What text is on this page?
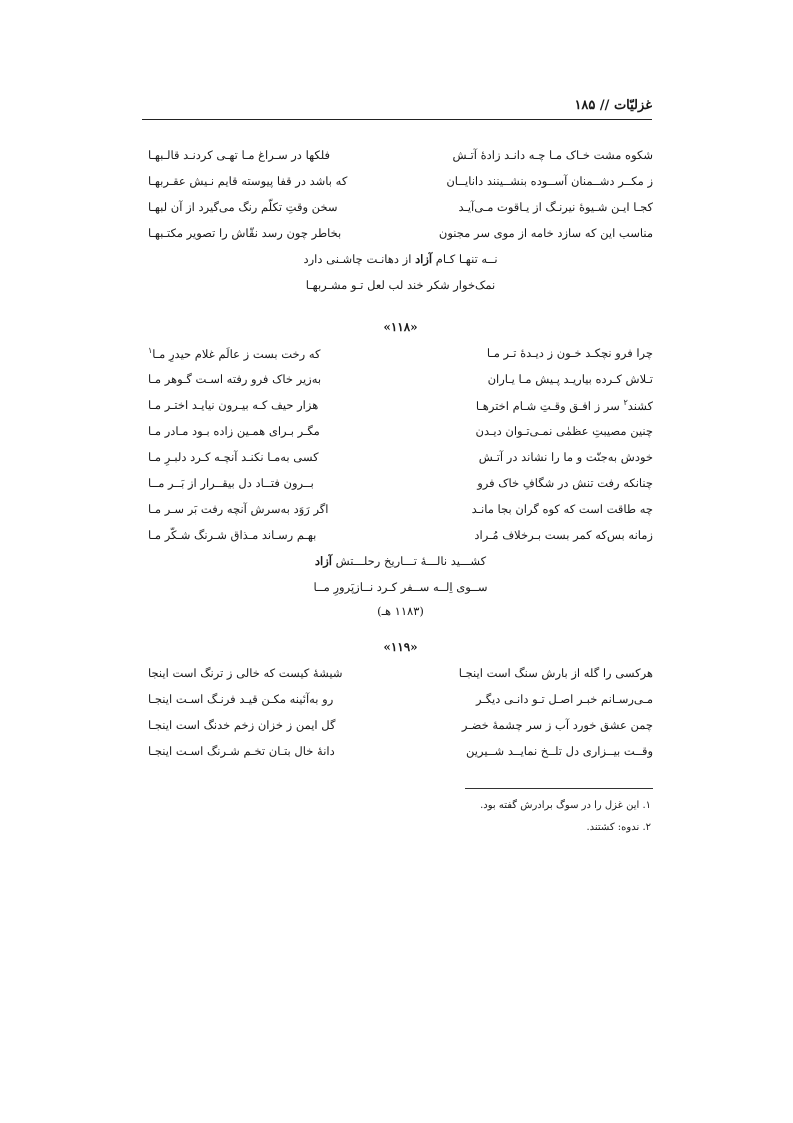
غزلیّات // ۱۸۵
شکوه مشت خـاک مـا چـه دانـد زادهٔ آتـش
فلکها در سـراغ مـا تهـی کردنـد قالـبهـا
ز مکــر دشــمنان آســوده بنشــینند دانایــان
که باشد در قفا پیوسته قایم نـیش عقـربهـا
کجـا ایـن شـیوهٔ نیرنـگ از یـاقوت مـی‌آیـد
سخن وقتِ تکلّم رنگ می‌گیرد از آن لبهـا
مناسب این که سازد خامه از موی سر مجنون
بخاطر چون رسد نقّاش را تصویر مکتـبهـا
نــه تنهـا کـام آزاد از دهانـت چاشـنی دارد
نمک‌خوار شکر خند لب لعل تـو مشـربهـا
«۱۱۸»
چرا فرو نچکـد خـون ز دیـدهٔ تـر مـا
که رخت بست ز عالَم غلام حیدرِ مـا$^۱$
تـلاش کـرده بیاریـد پـیش مـا یـاران
به‌زیر خاک فرو رفته اسـت گـوهر مـا
کشند$^۲$ سر ز افـق وقـتِ شـام اخترهـا
هزار حیف کـه بیـرون نیایـد اختـر مـا
چنین مصیبتِ عظمٰی نمـی‌تـوان دیـدن
مگـر بـرای همـین زاده بـود مـادر مـا
خودش به‌جنّت و ما را نشاند در آتـش
کسی به‌مـا نکنـد آنچـه کـرد دلبـرِ مـا
چنانکه رفت تنش در شگافِ خاک فرو
بــرون فتــاد دل بیقــرار از بَــر مــا
چه طاقت است که کوه گران بجا مانـد
اگر رَوَد به‌سرش آنچه رفت بَر سـر مـا
زمانه بس‌که کمر بست بـرخلاف مُـراد
بهـم رسـاند مـذاق شـرنگ شـکّر مـا
کشـــید نالـــهٔ تـــاریخ رحلـــتش آزاد
ســوی اِلــه ســفر کـرد نــازپَرورِ مــا
(۱۱۸۳ هـ)
«۱۱۹»
هرکسی را گله از بارش سنگ است اینجـا
شیشهٔ کیست که خالی ز ترنگ است اینجا
مـی‌رسـانم خبـر اصـل تـو دانـی دیگـر
رو به‌آئینه مکـن قیـد فرنـگ اسـت اینجـا
چمن عشق خورد آب ز سر چشمهٔ خضـر
گل ایمن ز خزان زخم خدنگ است اینجـا
وقــت بیــزاری دل تلــخ نمایــد شــیرین
دانهٔ خال بتـان تخـم شـرنگ اسـت اینجـا
۱. این غزل را در سوگ برادرش گفته بود.
۲. ندوه: کشتند.
